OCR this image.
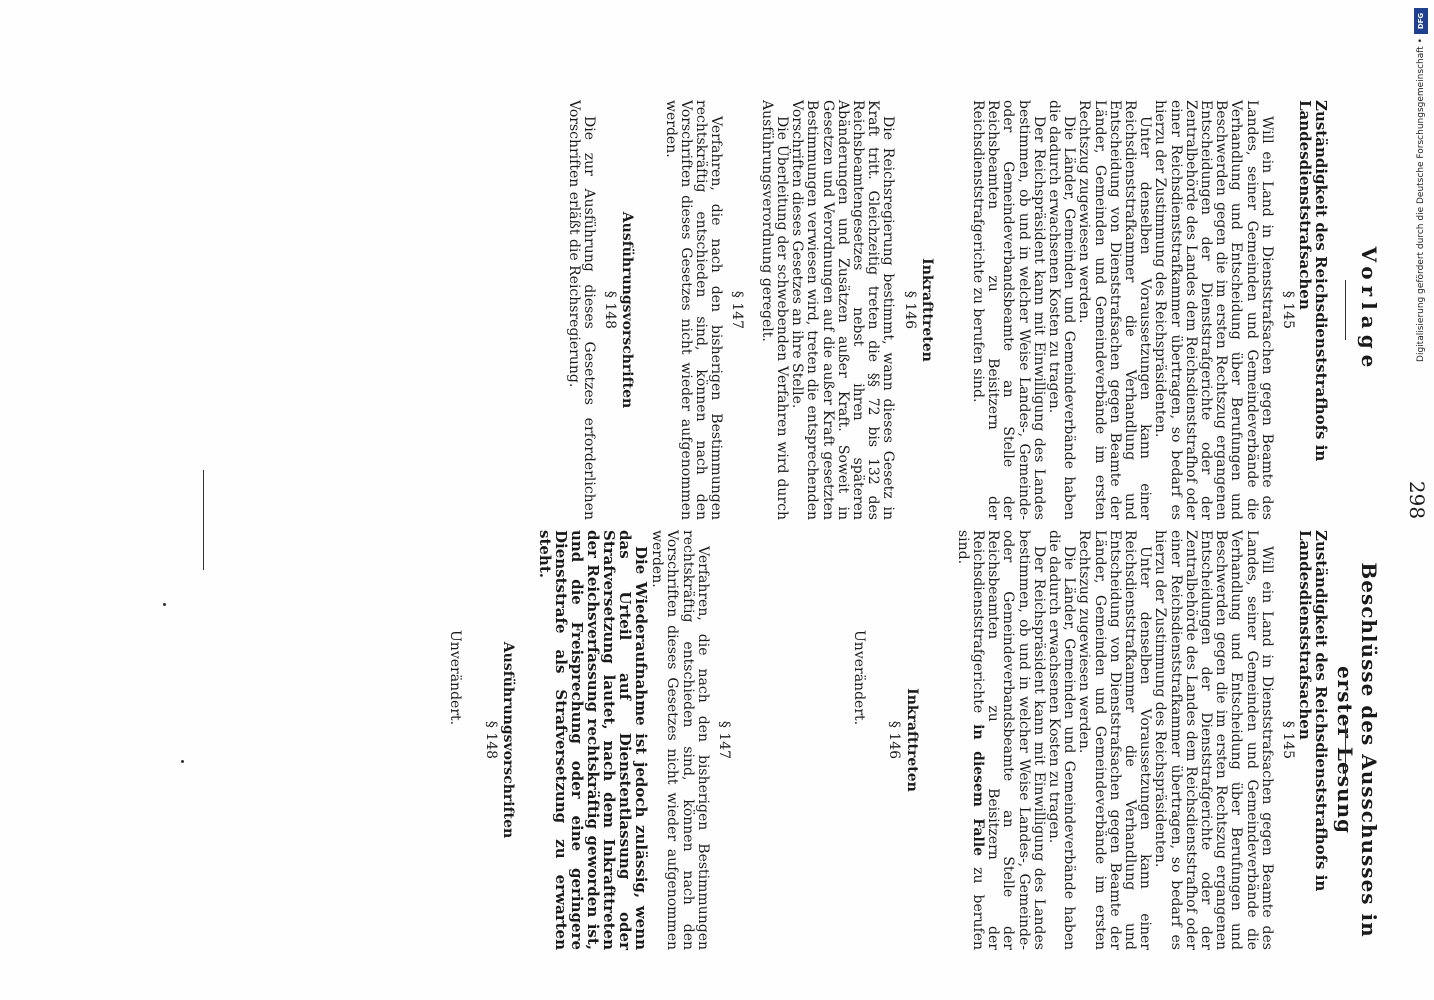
298
Vorlage
Beschlüsse des Ausschusses in erster Lesung
Zuständigkeit des Reichsdienststrafhofs in Landesdienststrafsachen
§ 145

Will ein Land in Dienststrafsachen gegen Beamte des Landes, seiner Gemeinden und Gemeindeverbände die Verhandlung und Entscheidung über Berufungen und Beschwerden gegen die im ersten Rechtszug ergangenen Entscheidungen der Dienststrafgerichte oder der Zentralbehörde des Landes dem Reichsdienststrafhof oder einer Reichsdienststrafkammer übertragen, so bedarf es hierzu der Zustimmung des Reichspräsidenten.

Unter denselben Voraussetzungen kann einer Reichsdienststrafkammer die Verhandlung und Entscheidung von Dienststrafsachen gegen Beamte der Länder, Gemeinden und Gemeindeverbände im ersten Rechtszug zugewiesen werden.

Die Länder, Gemeinden und Gemeindeverbände haben die dadurch erwachsenen Kosten zu tragen.

Der Reichspräsident kann mit Einwilligung des Landes bestimmen, ob und in welcher Weise Landes-, Gemeinde- oder Gemeindeverbandsbeamte an Stelle der Reichsbeamten zu Beisitzern der Reichsdienststrafgerichte zu berufen sind.

Inkrafttreten
§ 146

Die Reichsregierung bestimmt, wann dieses Gesetz in Kraft tritt. Gleichzeitig treten die §§ 72 bis 132 des Reichsbeamtengesetzes nebst ihren späteren Abänderungen und Zusätzen außer Kraft. Soweit in Gesetzen und Verordnungen auf die außer Kraft gesetzten Bestimmungen verwiesen wird, treten die entsprechenden Vorschriften dieses Gesetzes an ihre Stelle.

Die Überleitung der schwebenden Verfahren wird durch Ausführungsverordnung geregelt.

§ 147

Verfahren, die nach den bisherigen Bestimmungen rechtskräftig entschieden sind, können nach den Vorschriften dieses Gesetzes nicht wieder aufgenommen werden.

Ausführungsvorschriften
§ 148

Die zur Ausführung dieses Gesetzes erforderlichen Vorschriften erläßt die Reichsregierung.

Zuständigkeit des Reichsdienststrafhofs in Landesdienststrafsachen
§ 145

Will ein Land in Dienststrafsachen gegen Beamte des Landes, seiner Gemeinden und Gemeindeverbände die Verhandlung und Entscheidung über Berufungen und Beschwerden gegen die im ersten Rechtszug ergangenen Entscheidungen der Dienststrafgerichte oder der Zentralbehörde des Landes dem Reichsdienststrafhof oder einer Reichsdienststrafkammer übertragen, so bedarf es hierzu der Zustimmung des Reichspräsidenten.

Unter denselben Voraussetzungen kann einer Reichsdienststrafkammer die Verhandlung und Entscheidung von Dienststrafsachen gegen Beamte der Länder, Gemeinden und Gemeindeverbände im ersten Rechtszug zugewiesen werden.

Die Länder, Gemeinden und Gemeindeverbände haben die dadurch erwachsenen Kosten zu tragen.

Der Reichspräsident kann mit Einwilligung des Landes bestimmen, ob und in welcher Weise Landes-, Gemeinde- oder Gemeindeverbandsbeamte an Stelle der Reichsbeamten zu Beisitzern der Reichsdienststrafgerichte in diesem Falle zu berufen sind.

Inkrafttreten
§ 146

Unverändert.

§ 147

Verfahren, die nach den bisherigen Bestimmungen rechtskräftig entschieden sind, können nach den Vorschriften dieses Gesetzes nicht wieder aufgenommen werden.

Die Wiederaufnahme ist jedoch zulässig, wenn das Urteil auf Dienstentlassung oder Strafversetzung lautet, nach dem Inkrafttreten der Reichsverfassung rechtskräftig geworden ist, und die Freisprechung oder eine geringere Dienststrafe als Strafversetzung zu erwarten steht.

Ausführungsvorschriften
§ 148

Unverändert.

DFG
Digitalisierung gefördert durch die Deutsche Forschungsgemeinschaft •
